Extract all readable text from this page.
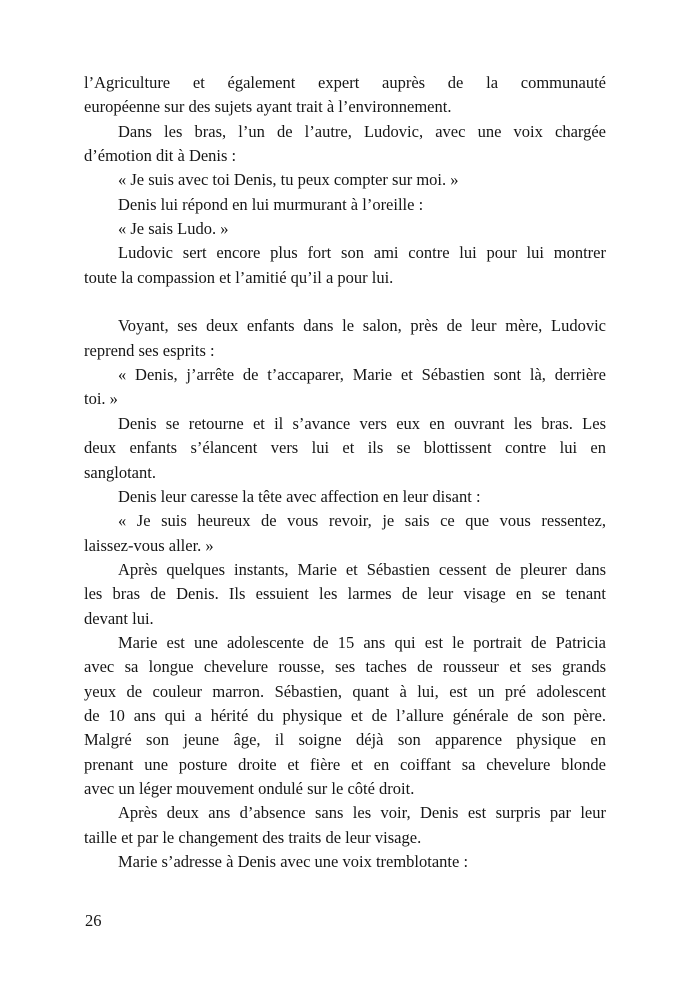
l’Agriculture et également expert auprès de la communauté
européenne sur des sujets ayant trait à l’environnement.
Dans les bras, l’un de l’autre, Ludovic, avec une voix chargée
d’émotion dit à Denis :
« Je suis avec toi Denis, tu peux compter sur moi. »
Denis lui répond en lui murmurant à l’oreille :
« Je sais Ludo. »
Ludovic sert encore plus fort son ami contre lui pour lui montrer
toute la compassion et l’amitié qu’il a pour lui.
Voyant, ses deux enfants dans le salon, près de leur mère, Ludovic
reprend ses esprits :
« Denis, j’arrête de t’accaparer, Marie et Sébastien sont là, derrière
toi. »
Denis se retourne et il s’avance vers eux en ouvrant les bras. Les
deux enfants s’élancent vers lui et ils se blottissent contre lui en
sanglotant.
Denis leur caresse la tête avec affection en leur disant :
« Je suis heureux de vous revoir, je sais ce que vous ressentez,
laissez-vous aller. »
Après quelques instants, Marie et Sébastien cessent de pleurer dans
les bras de Denis. Ils essuient les larmes de leur visage en se tenant
devant lui.
Marie est une adolescente de 15 ans qui est le portrait de Patricia
avec sa longue chevelure rousse, ses taches de rousseur et ses grands
yeux de couleur marron. Sébastien, quant à lui, est un pré adolescent
de 10 ans qui a hérité du physique et de l’allure générale de son père.
Malgré son jeune âge, il soigne déjà son apparence physique en
prenant une posture droite et fière et en coiffant sa chevelure blonde
avec un léger mouvement ondulé sur le côté droit.
Après deux ans d’absence sans les voir, Denis est surpris par leur
taille et par le changement des traits de leur visage.
Marie s’adresse à Denis avec une voix tremblotante :
26
